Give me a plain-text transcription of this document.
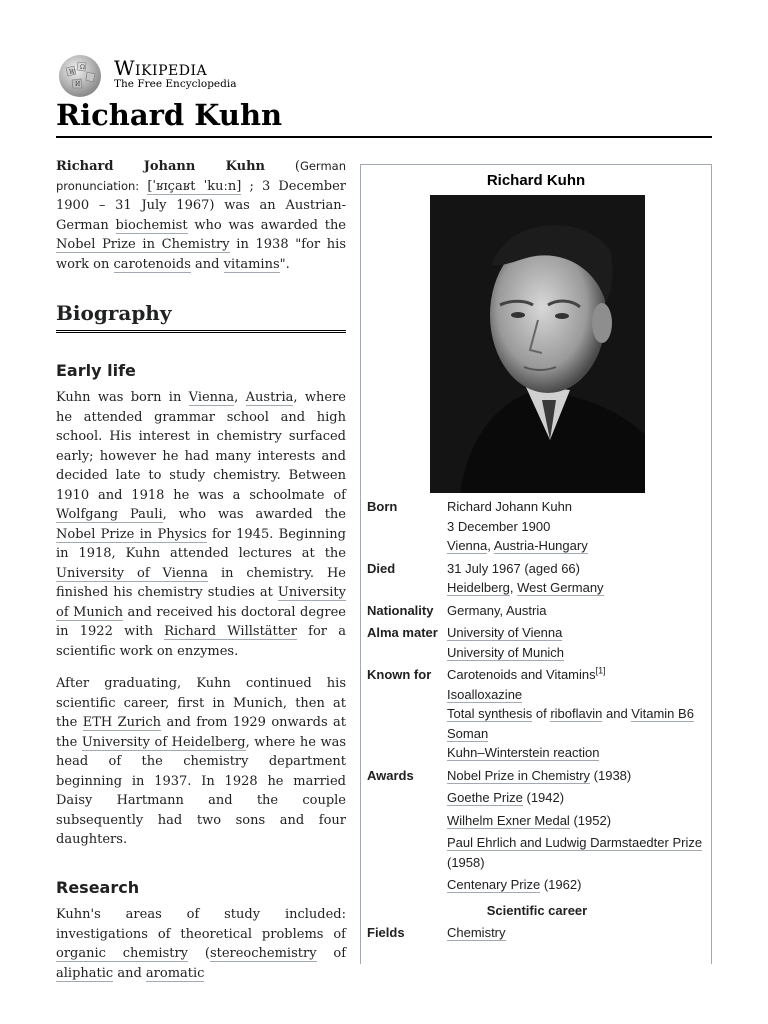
W
Ω
И
Wikipedia
The Free Encyclopedia
Richard Kuhn

Richard Johann Kuhn (German pronunciation: [ˈʁɪçaʁt ˈkuːn] ; 3 December 1900 – 31 July 1967) was an Austrian-German biochemist who was awarded the Nobel Prize in Chemistry in 1938 "for his work on carotenoids and vitamins".

Biography
Early life

Kuhn was born in Vienna, Austria, where he attended grammar school and high school. His interest in chemistry surfaced early; however he had many interests and decided late to study chemistry. Between 1910 and 1918 he was a schoolmate of Wolfgang Pauli, who was awarded the Nobel Prize in Physics for 1945. Beginning in 1918, Kuhn attended lectures at the University of Vienna in chemistry. He finished his chemistry studies at University of Munich and received his doctoral degree in 1922 with Richard Willstätter for a scientific work on enzymes.

After graduating, Kuhn continued his scientific career, first in Munich, then at the ETH Zurich and from 1929 onwards at the University of Heidelberg, where he was head of the chemistry department beginning in 1937. In 1928 he married Daisy Hartmann and the couple subsequently had two sons and four daughters.

Research

Kuhn's areas of study included: investigations of theoretical problems of organic chemistry (stereochemistry of aliphatic and aromatic

Richard Kuhn
Born	Richard Johann Kuhn
3 December 1900
Vienna, Austria-Hungary

Died	31 July 1967 (aged 66)
Heidelberg, West Germany

Nationality	Germany, Austria
Alma mater	University of Vienna
University of Munich

Known for	Carotenoids and Vitamins[1]
Isoalloxazine
Total synthesis of riboflavin and Vitamin B6
Soman
Kuhn–Winterstein reaction

Awards	Nobel Prize in Chemistry (1938)
Goethe Prize (1942)
Wilhelm Exner Medal (1952)
Paul Ehrlich and Ludwig Darmstaedter Prize (1958)
Centenary Prize (1962)

Scientific career	
Fields	Chemistry
